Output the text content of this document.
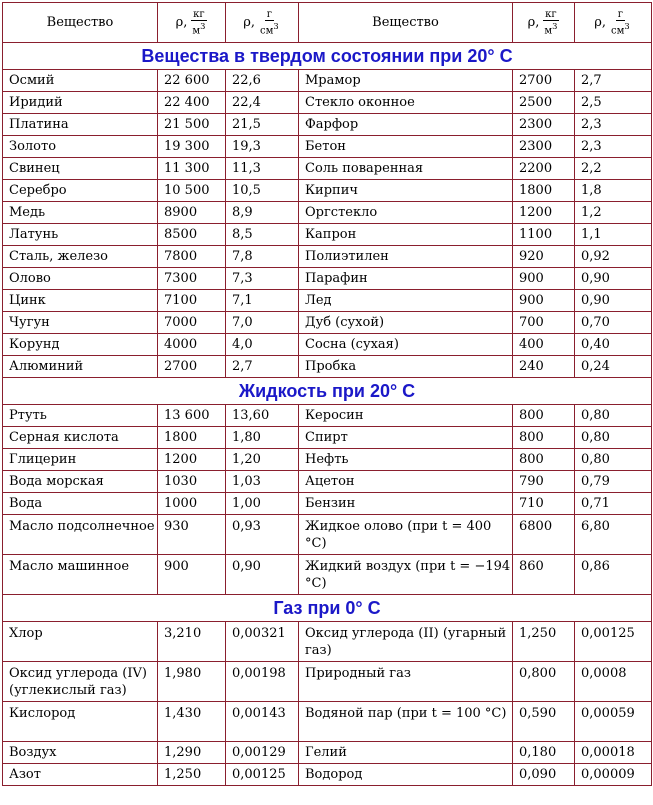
Вещество	ρ, $\frac{кг}{м^3}$	ρ, $\frac{г}{см^3}$	Вещество	ρ, $\frac{кг}{м^3}$	ρ, $\frac{г}{см^3}$

Вещества в твердом состоянии при 20° C					

Осмий	22 600	22,6	Мрамор	2700	2,7

Иридий	22 400	22,4	Стекло оконное	2500	2,5

Платина	21 500	21,5	Фарфор	2300	2,3

Золото	19 300	19,3	Бетон	2300	2,3

Свинец	11 300	11,3	Соль поваренная	2200	2,2

Серебро	10 500	10,5	Кирпич	1800	1,8

Медь	8900	8,9	Оргстекло	1200	1,2

Латунь	8500	8,5	Капрон	1100	1,1

Сталь, железо	7800	7,8	Полиэтилен	920	0,92

Олово	7300	7,3	Парафин	900	0,90

Цинк	7100	7,1	Лед	900	0,90

Чугун	7000	7,0	Дуб (сухой)	700	0,70

Корунд	4000	4,0	Сосна (сухая)	400	0,40

Алюминий	2700	2,7	Пробка	240	0,24

Жидкость при 20° C					

Ртуть	13 600	13,60	Керосин	800	0,80

Серная кислота	1800	1,80	Спирт	800	0,80

Глицерин	1200	1,20	Нефть	800	0,80

Вода морская	1030	1,03	Ацетон	790	0,79

Вода	1000	1,00	Бензин	710	0,71

Масло подсолнечное	930	0,93	Жидкое олово (при t = 400 °C)	6800	6,80

Масло машинное	900	0,90	Жидкий воздух (при t = −194 °C)	860	0,86

Газ при 0° C					

Хлор	3,210	0,00321	Оксид углерода (II) (угарный газ)	1,250	0,00125

Оксид углерода (IV) (углекислый газ)	1,980	0,00198	Природный газ	0,800	0,0008

Кислород	1,430	0,00143	Водяной пар (при t = 100 °C)	0,590	0,00059

Воздух	1,290	0,00129	Гелий	0,180	0,00018

Азот	1,250	0,00125	Водород	0,090	0,00009
